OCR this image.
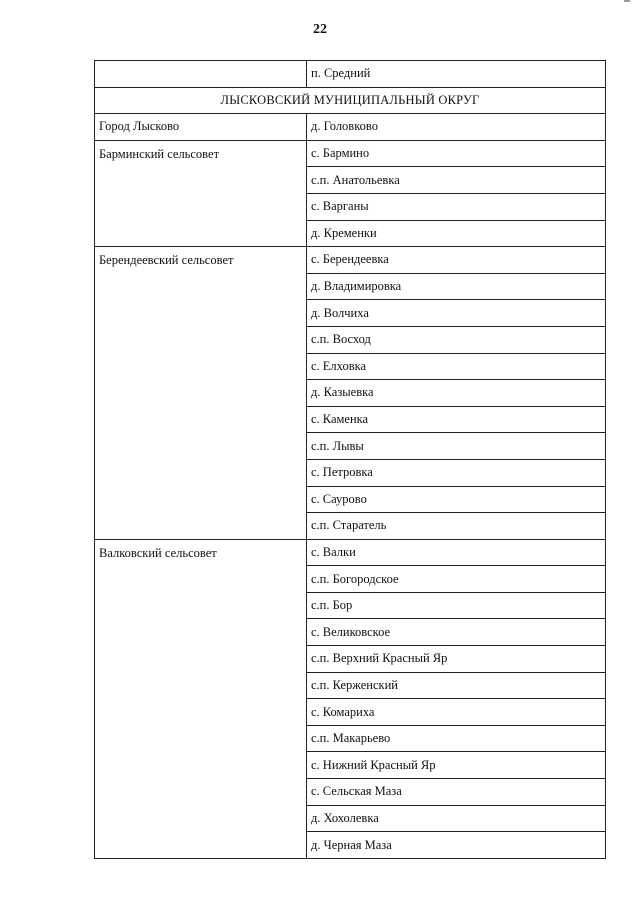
22
	п. Средний
ЛЫСКОВСКИЙ МУНИЦИПАЛЬНЫЙ ОКРУГ	
Город Лысково	д. Головково
Барминский сельсовет	с. Бармино
	с.п. Анатольевка
	с. Варганы
	д. Кременки
Берендеевский сельсовет	с. Берендеевка
	д. Владимировка
	д. Волчиха
	с.п. Восход
	с. Елховка
	д. Казыевка
	с. Каменка
	с.п. Лывы
	с. Петровка
	с. Саурово
	с.п. Старатель
Валковский сельсовет	с. Валки
	с.п. Богородское
	с.п. Бор
	с. Великовское
	с.п. Верхний Красный Яр
	с.п. Керженский
	с. Комариха
	с.п. Макарьево
	с. Нижний Красный Яр
	с. Сельская Маза
	д. Хохолевка
	д. Черная Маза
